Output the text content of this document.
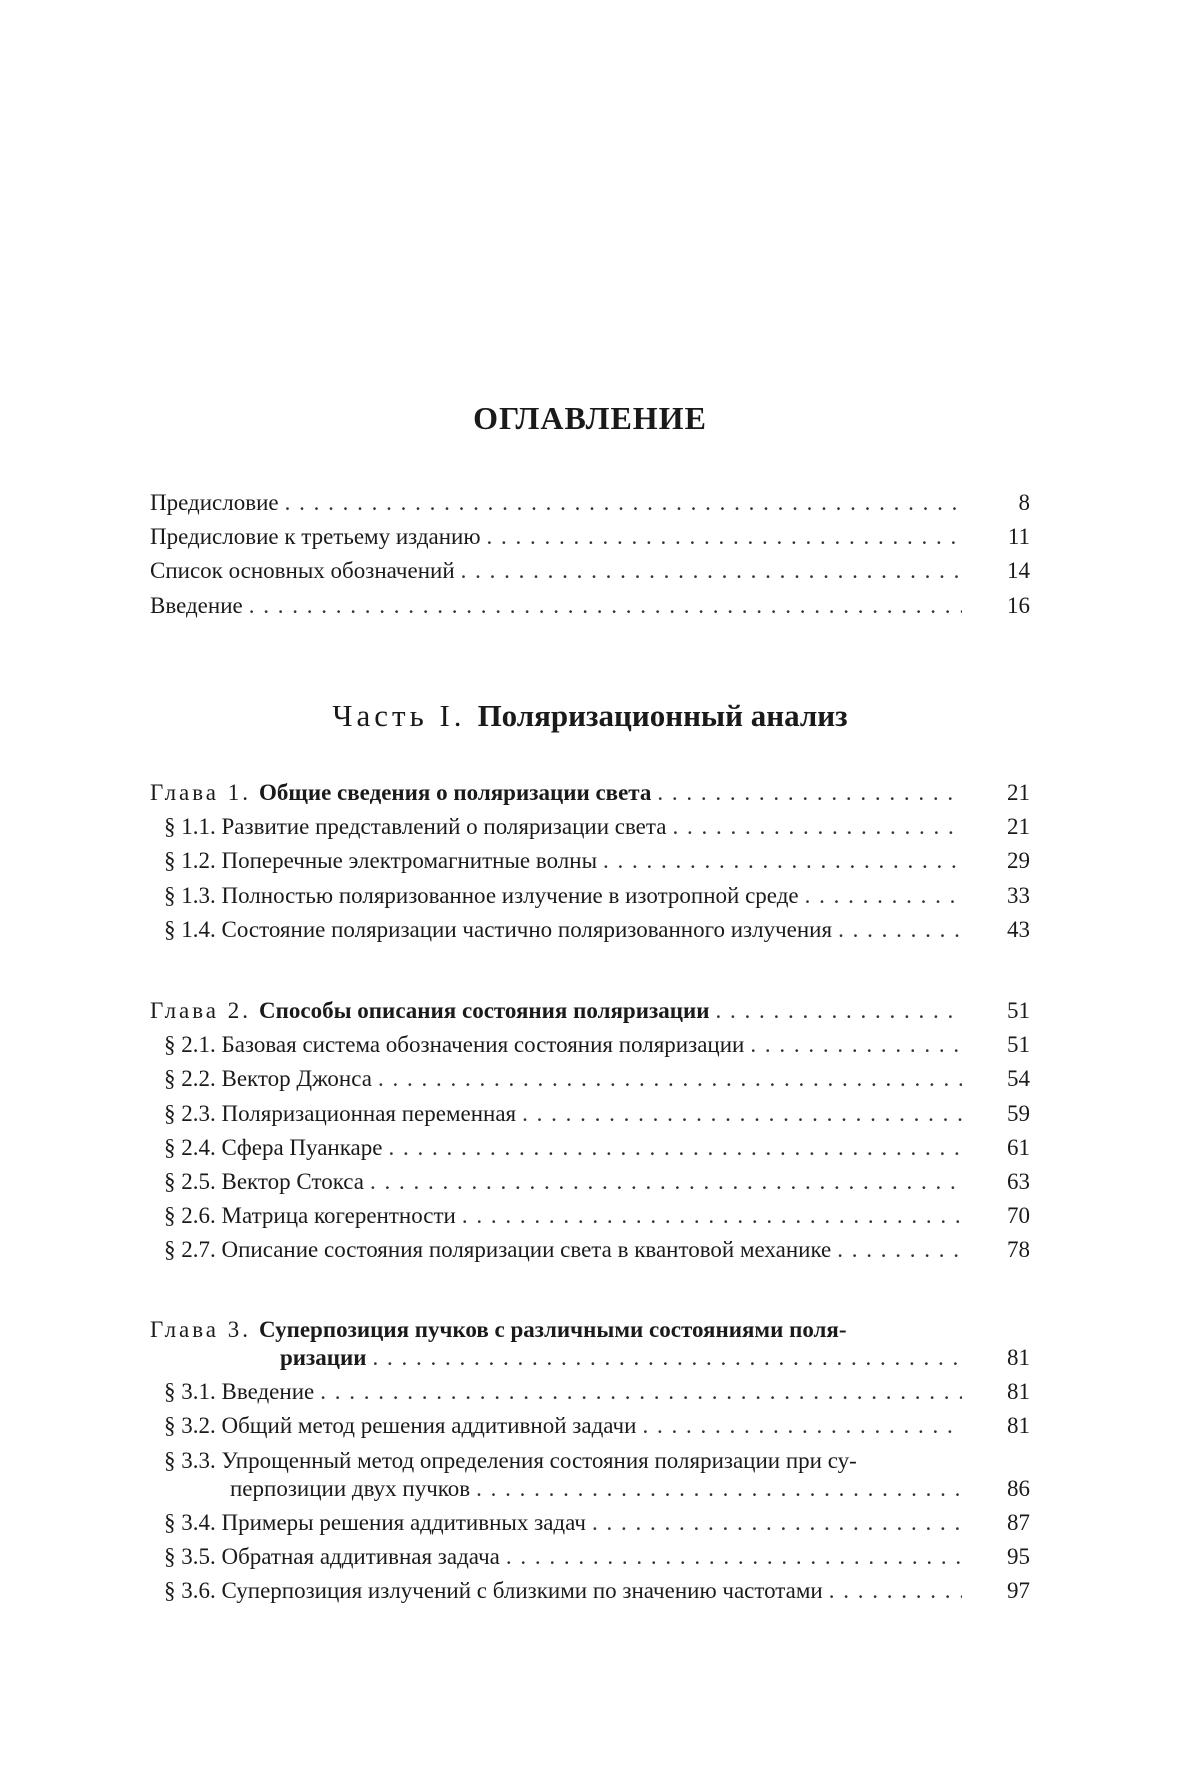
ОГЛАВЛЕНИЕ
Предисловие . . .	8
Предисловие к третьему изданию . . .	11
Список основных обозначений . . .	14
Введение . . .	16
Часть I. Поляризационный анализ
Глава 1. Общие сведения о поляризации света . . .	21
§ 1.1. Развитие представлений о поляризации света . . .	21
§ 1.2. Поперечные электромагнитные волны . . .	29
§ 1.3. Полностью поляризованное излучение в изотропной среде . . .	33
§ 1.4. Состояние поляризации частично поляризованного излучения . . .	43
Глава 2. Способы описания состояния поляризации . . .	51
§ 2.1. Базовая система обозначения состояния поляризации . . .	51
§ 2.2. Вектор Джонса . . .	54
§ 2.3. Поляризационная переменная . . .	59
§ 2.4. Сфера Пуанкаре . . .	61
§ 2.5. Вектор Стокса . . .	63
§ 2.6. Матрица когерентности . . .	70
§ 2.7. Описание состояния поляризации света в квантовой механике . . .	78
Глава 3. Суперпозиция пучков с различными состояниями поля-
ризации . . .	81
§ 3.1. Введение . . .	81
§ 3.2. Общий метод решения аддитивной задачи . . .	81
§ 3.3. Упрощенный метод определения состояния поляризации при су-
перпозиции двух пучков . . .	86
§ 3.4. Примеры решения аддитивных задач . . .	87
§ 3.5. Обратная аддитивная задача . . .	95
§ 3.6. Суперпозиция излучений с близкими по значению частотами . . .	97
